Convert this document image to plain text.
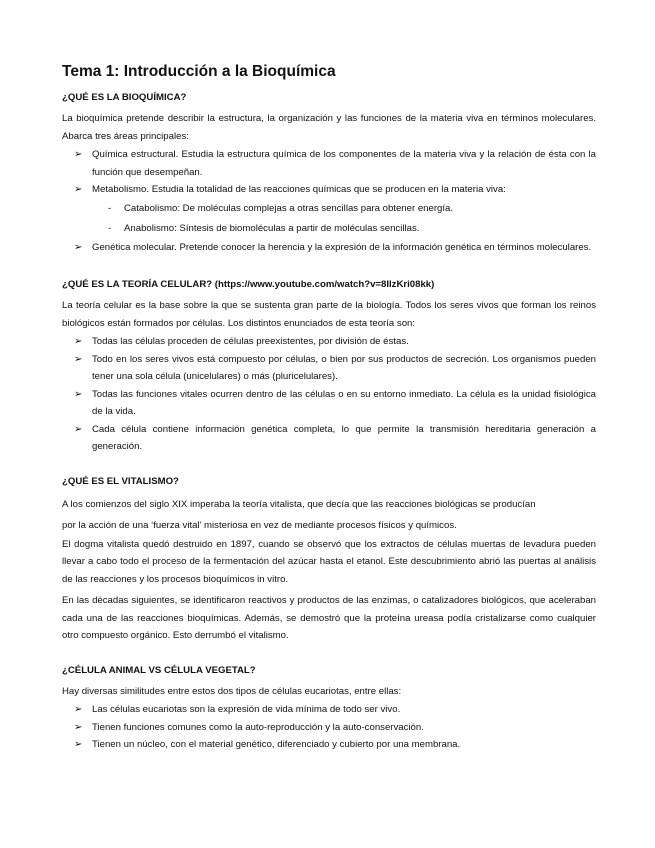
Tema 1: Introducción a la Bioquímica
¿QUÉ ES LA BIOQUÍMICA?

La bioquímica pretende describir la estructura, la organización y las funciones de la materia viva en términos moleculares. Abarca tres áreas principales:

➢ Química estructural. Estudia la estructura química de los componentes de la materia viva y la relación de ésta con la función que desempeñan.
➢ Metabolismo. Estudia la totalidad de las reacciones químicas que se producen en la materia viva:
- Catabolismo: De moléculas complejas a otras sencillas para obtener energía.
- Anabolismo: Síntesis de biomoléculas a partir de moléculas sencillas.
➢ Genética molecular. Pretende conocer la herencia y la expresión de la información genética en términos moleculares.
¿QUÉ ES LA TEORÍA CELULAR? (https://www.youtube.com/watch?v=8IlzKri08kk)

La teoría celular es la base sobre la que se sustenta gran parte de la biología. Todos los seres vivos que forman los reinos biológicos están formados por células. Los distintos enunciados de esta teoría son:

➢ Todas las células proceden de células preexistentes, por división de éstas.
➢ Todo en los seres vivos está compuesto por células, o bien por sus productos de secreción. Los organismos pueden tener una sola célula (unicelulares) o más (pluricelulares).
➢ Todas las funciones vitales ocurren dentro de las células o en su entorno inmediato. La célula es la unidad fisiológica de la vida.
➢ Cada célula contiene información genética completa, lo que permite la transmisión hereditaria generación a generación.
¿QUÉ ES EL VITALISMO?

A los comienzos del siglo XIX imperaba la teoría vitalista, que decía que las reacciones biológicas se producían

por la acción de una ‘fuerza vital’ misteriosa en vez de mediante procesos físicos y químicos.

El dogma vitalista quedó destruido en 1897, cuando se observó que los extractos de células muertas de levadura pueden llevar a cabo todo el proceso de la fermentación del azúcar hasta el etanol. Este descubrimiento abrió las puertas al análisis de las reacciones y los procesos bioquímicos in vitro.

En las décadas siguientes, se identificaron reactivos y productos de las enzimas, o catalizadores biológicos, que aceleraban cada una de las reacciones bioquímicas. Además, se demostró que la proteína ureasa podía cristalizarse como cualquier otro compuesto orgánico. Esto derrumbó el vitalismo.

¿CÉLULA ANIMAL VS CÉLULA VEGETAL?

Hay diversas similitudes entre estos dos tipos de células eucariotas, entre ellas:

➢ Las células eucariotas son la expresión de vida mínima de todo ser vivo.
➢ Tienen funciones comunes como la auto-reproducción y la auto-conservación.
➢ Tienen un núcleo, con el material genético, diferenciado y cubierto por una membrana.
